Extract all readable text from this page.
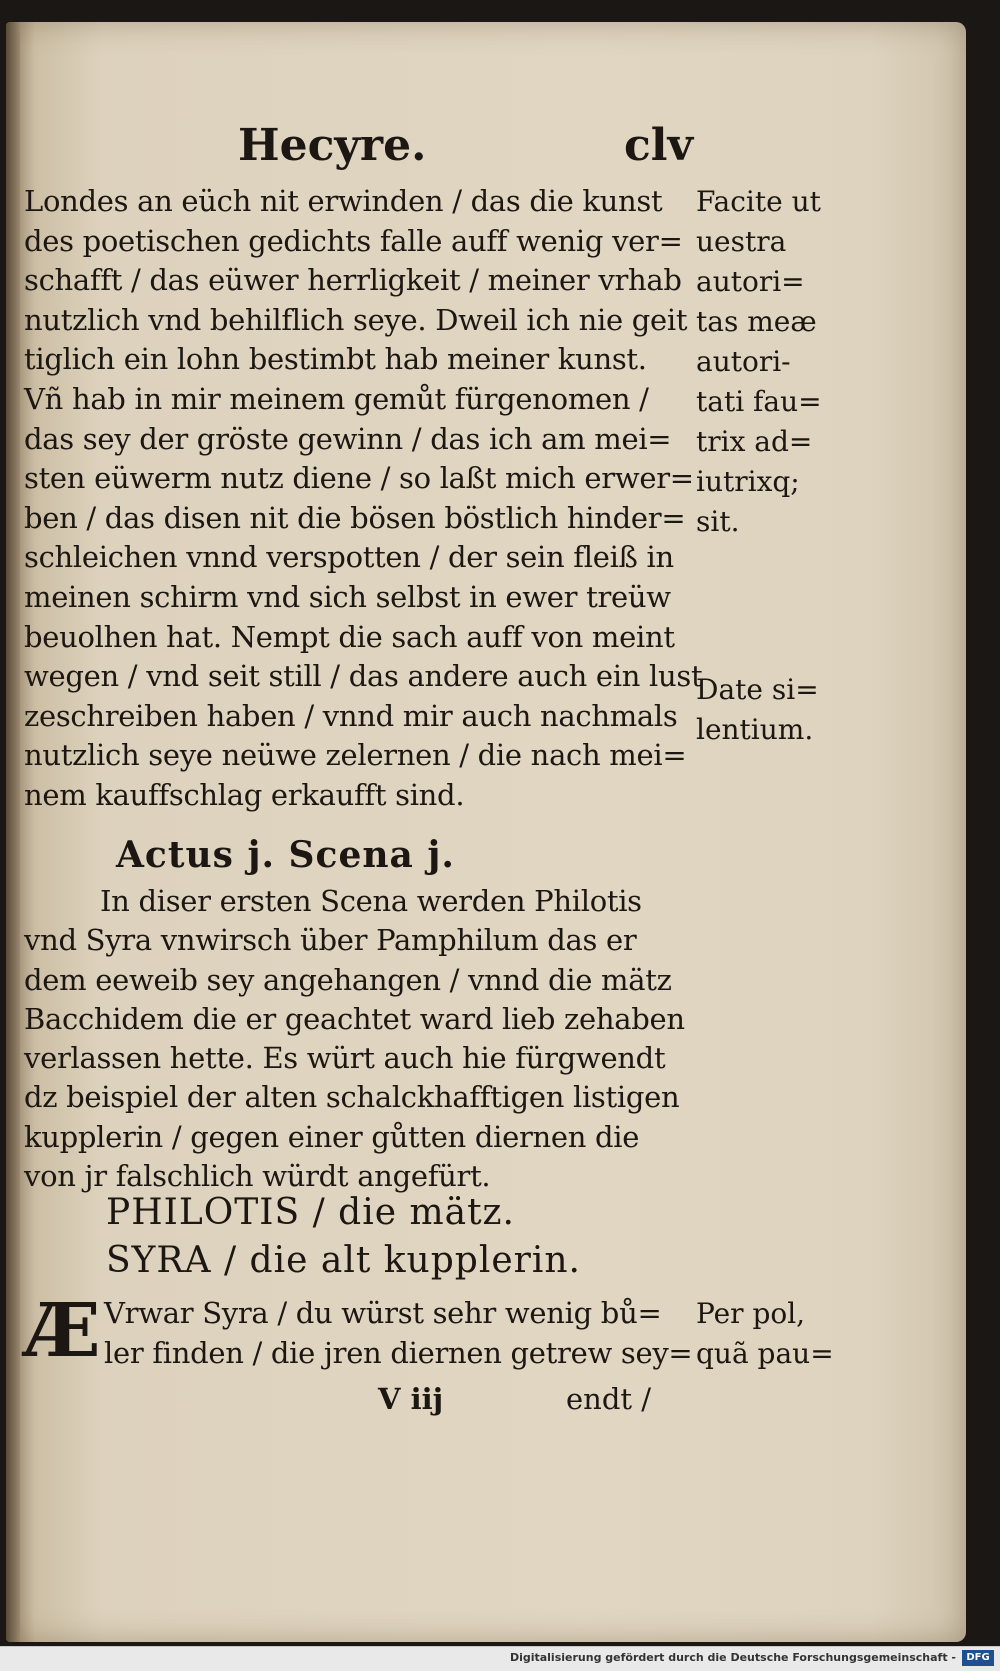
Hecyre.	clv
Londes an eüch nit erwinden / das die kunst
des poetischen gedichts falle auff wenig ver=
schafft / das eüwer herrligkeit / meiner vrhab
nutzlich vnd behilflich seye. Dweil ich nie geit
tiglich ein lohn bestimbt hab meiner kunst.
Vñ hab in mir meinem gemůt fürgenomen /
das sey der gröste gewinn / das ich am mei=
sten eüwerm nutz diene / so laßt mich erwer=
ben / das disen nit die bösen böstlich hinder=
schleichen vnnd verspotten / der sein fleiß in
meinen schirm vnd sich selbst in ewer treüw
beuolhen hat. Nempt die sach auff von meint
wegen / vnd seit still / das andere auch ein lust
zeschreiben haben / vnnd mir auch nachmals
nutzlich seye neüwe zelernen / die nach mei=
nem kauffschlag erkaufft sind.
Actus j. Scena j.
In diser ersten Scena werden Philotis
vnd Syra vnwirsch über Pamphilum das er
dem eeweib sey angehangen / vnnd die mätz
Bacchidem die er geachtet ward lieb zehaben
verlassen hette. Es würt auch hie fürgwendt
dz beispiel der alten schalckhafftigen listigen
kupplerin / gegen einer gůtten diernen die
von jr falschlich würdt angefürt.
PHILOTIS / die mätz.
SYRA / die alt kupplerin.
Æ Vrwar Syra / du würst sehr wenig bů=
ler finden / die jren diernen getrew sey=
V iij	endt /
Facite ut
uestra
autori=
tas meæ
autori-
tati fau=
trix ad=
iutrixq;
sit.
Date si=
lentium.
Per pol,
quã pau=
Digitalisierung gefördert durch die Deutsche Forschungsgemeinschaft -	DFG
